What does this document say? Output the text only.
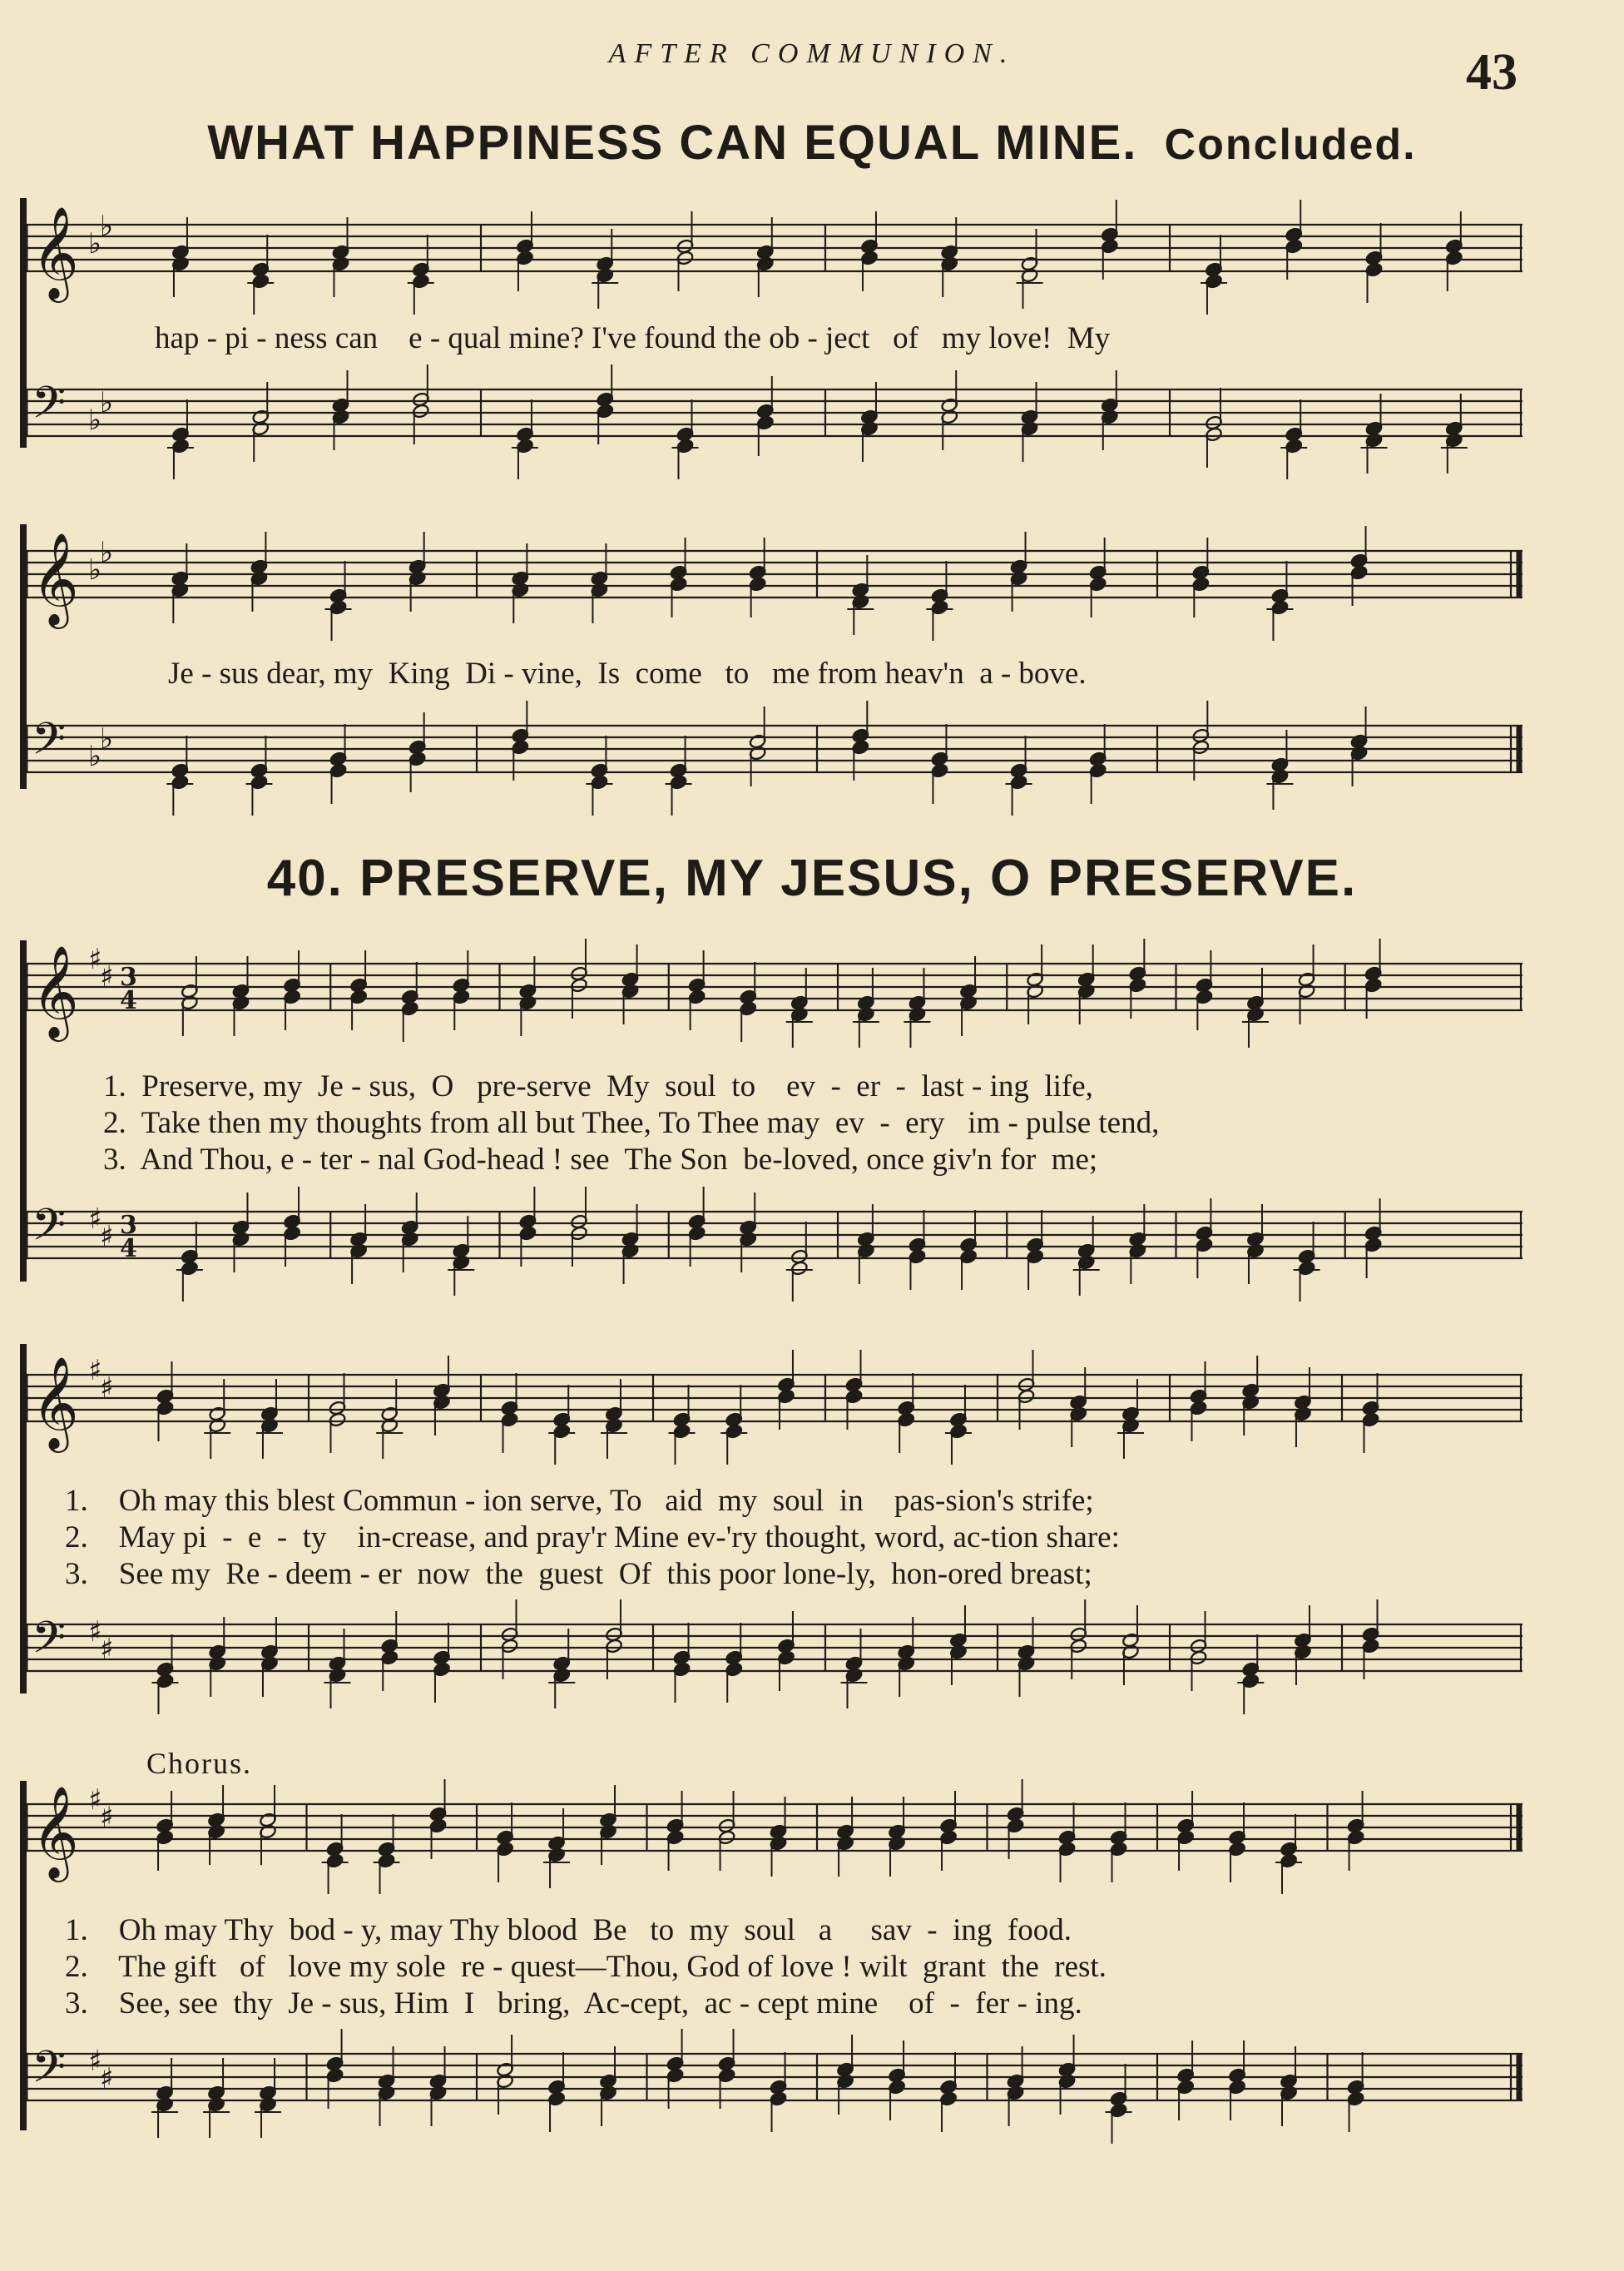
AFTER COMMUNION.	43
WHAT HAPPINESS CAN EQUAL MINE. Concluded.
40. PRESERVE, MY JESUS, O PRESERVE.
𝄞 ♭
♭
hap - pi - ness can    e - qual mine? I've found the ob - ject   of   my love!  My
𝄢 ♭
♭
𝄞 ♭
♭
Je - sus dear, my  King  Di - vine,  Is  come   to   me from heav'n  a - bove.
𝄢 ♭
♭
𝄞 ♯
♯ 3
4
1.  Preserve, my  Je - sus,  O   pre-serve  My  soul  to    ev  -  er  -  last - ing  life,
2.  Take then my thoughts from all but Thee, To Thee may  ev  -  ery   im - pulse tend,
3.  And Thou, e - ter - nal God-head ! see  The Son  be-loved, once giv'n for  me;
𝄢 ♯
♯ 3
4
𝄞 ♯
♯
1.    Oh may this blest Commun - ion serve, To   aid  my  soul  in    pas-sion's strife;
2.    May pi  -  e  -  ty    in-crease, and pray'r Mine ev-'ry thought, word, ac-tion share:
3.    See my  Re - deem - er  now  the  guest  Of  this poor lone-ly,  hon-ored breast;
𝄢 ♯
♯
Chorus.
𝄞 ♯
♯
1.    Oh may Thy  bod - y, may Thy blood  Be   to  my  soul   a     sav  -  ing  food.
2.    The gift   of   love my sole  re - quest—Thou, God of love ! wilt  grant  the  rest.
3.    See, see  thy  Je - sus, Him  I   bring,  Ac-cept,  ac - cept mine    of  -  fer - ing.
𝄢 ♯
♯
